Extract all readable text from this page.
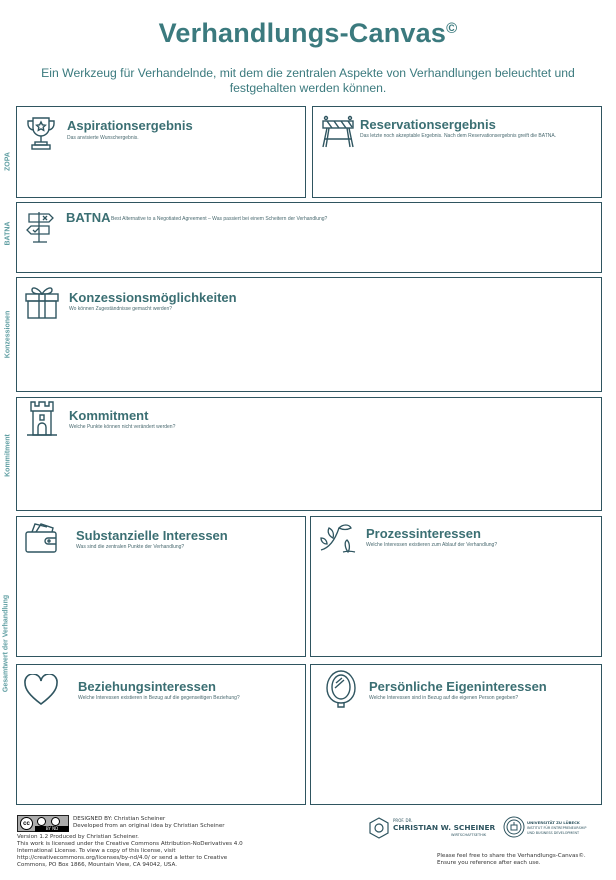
Verhandlungs-Canvas©
Ein Werkzeug für Verhandelnde, mit dem die zentralen Aspekte von Verhandlungen beleuchtet und festgehalten werden können.
ZOPA
BATNA
Konzessionen
Kommitment
Gesamtwert der Verhandlung
Aspirationsergebnis
Das anvisierte Wunschergebnis.
Reservationsergebnis
Das letzte noch akzeptable Ergebnis. Nach dem Reservationsergebnis greift die BATNA.
BATNA Best Alternative to a Negotiated Agreement – Was passiert bei einem Scheitern der Verhandlung?
Konzessionsmöglichkeiten
Wo können Zugeständnisse gemacht werden?
Kommitment
Welche Punkte können nicht verändert werden?
Substanzielle Interessen
Was sind die zentralen Punkte der Verhandlung?
Prozessinteressen
Welche Interessen existieren zum Ablauf der Verhandlung?
Beziehungsinteressen
Welche Interessen existieren in Bezug auf die gegenseitigen Beziehung?
Persönliche Eigeninteressen
Welche Interessen sind in Bezug auf die eigenen Person gegeben?
cc
BY ND
DESIGNED BY: Christian Scheiner
Developed from an original idea by Christian Scheiner
Version 1.2 Produced by Christian Scheiner.
This work is licensed under the Creative Commons Attribution-NoDerivatives 4.0
International License. To view a copy of this license, visit
http://creativecommons.org/licenses/by-nd/4.0/ or send a letter to Creative
Commons, PO Box 1866, Mountain View, CA 94042, USA.
PROF. DR.
CHRISTIAN W. SCHEINER
WIRTSCHAFTSETHIK
UNIVERSITÄT ZU LÜBECK
INSTITUT FÜR ENTREPRENEURSHIP
UND BUSINESS DEVELOPMENT
Please feel free to share the Verhandlungs-Canvas©.
Ensure you reference after each use.
